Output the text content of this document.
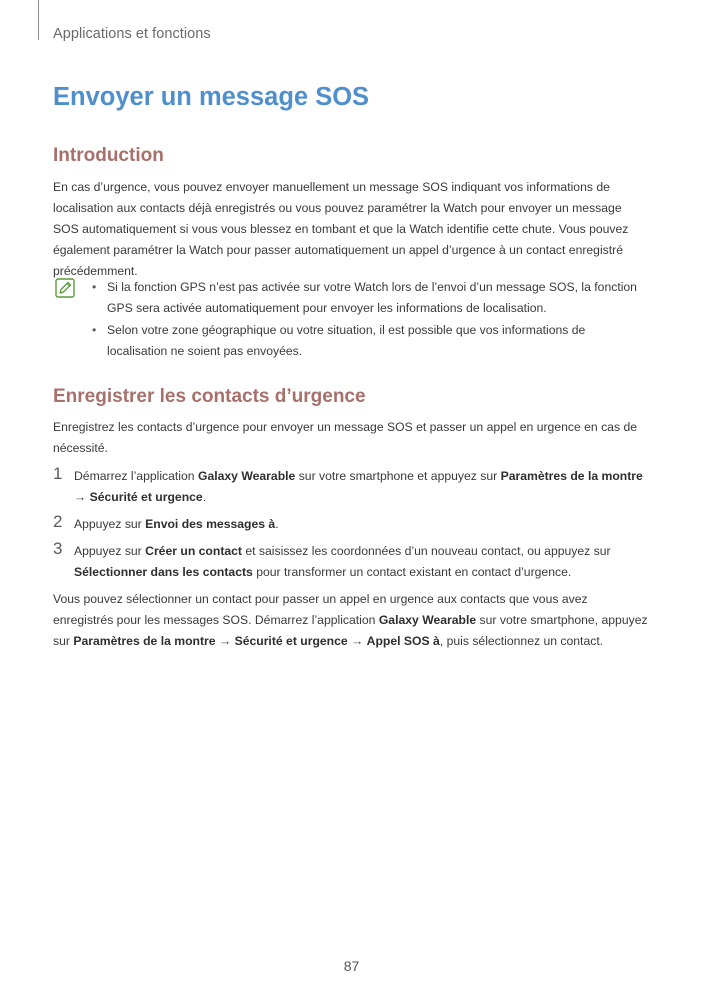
Applications et fonctions
Envoyer un message SOS
Introduction

En cas d’urgence, vous pouvez envoyer manuellement un message SOS indiquant vos informations de localisation aux contacts déjà enregistrés ou vous pouvez paramétrer la Watch pour envoyer un message SOS automatiquement si vous vous blessez en tombant et que la Watch identifie cette chute. Vous pouvez également paramétrer la Watch pour passer automatiquement un appel d’urgence à un contact enregistré précédemment.

• Si la fonction GPS n’est pas activée sur votre Watch lors de l’envoi d’un message SOS, la fonction GPS sera activée automatiquement pour envoyer les informations de localisation.
• Selon votre zone géographique ou votre situation, il est possible que vos informations de localisation ne soient pas envoyées.
Enregistrer les contacts d’urgence

Enregistrez les contacts d’urgence pour envoyer un message SOS et passer un appel en urgence en cas de nécessité.

1 Démarrez l’application Galaxy Wearable sur votre smartphone et appuyez sur Paramètres de la montre → Sécurité et urgence.
2 Appuyez sur Envoi des messages à.
3 Appuyez sur Créer un contact et saisissez les coordonnées d’un nouveau contact, ou appuyez sur Sélectionner dans les contacts pour transformer un contact existant en contact d’urgence.

Vous pouvez sélectionner un contact pour passer un appel en urgence aux contacts que vous avez enregistrés pour les messages SOS. Démarrez l’application Galaxy Wearable sur votre smartphone, appuyez sur Paramètres de la montre → Sécurité et urgence → Appel SOS à, puis sélectionnez un contact.

87
